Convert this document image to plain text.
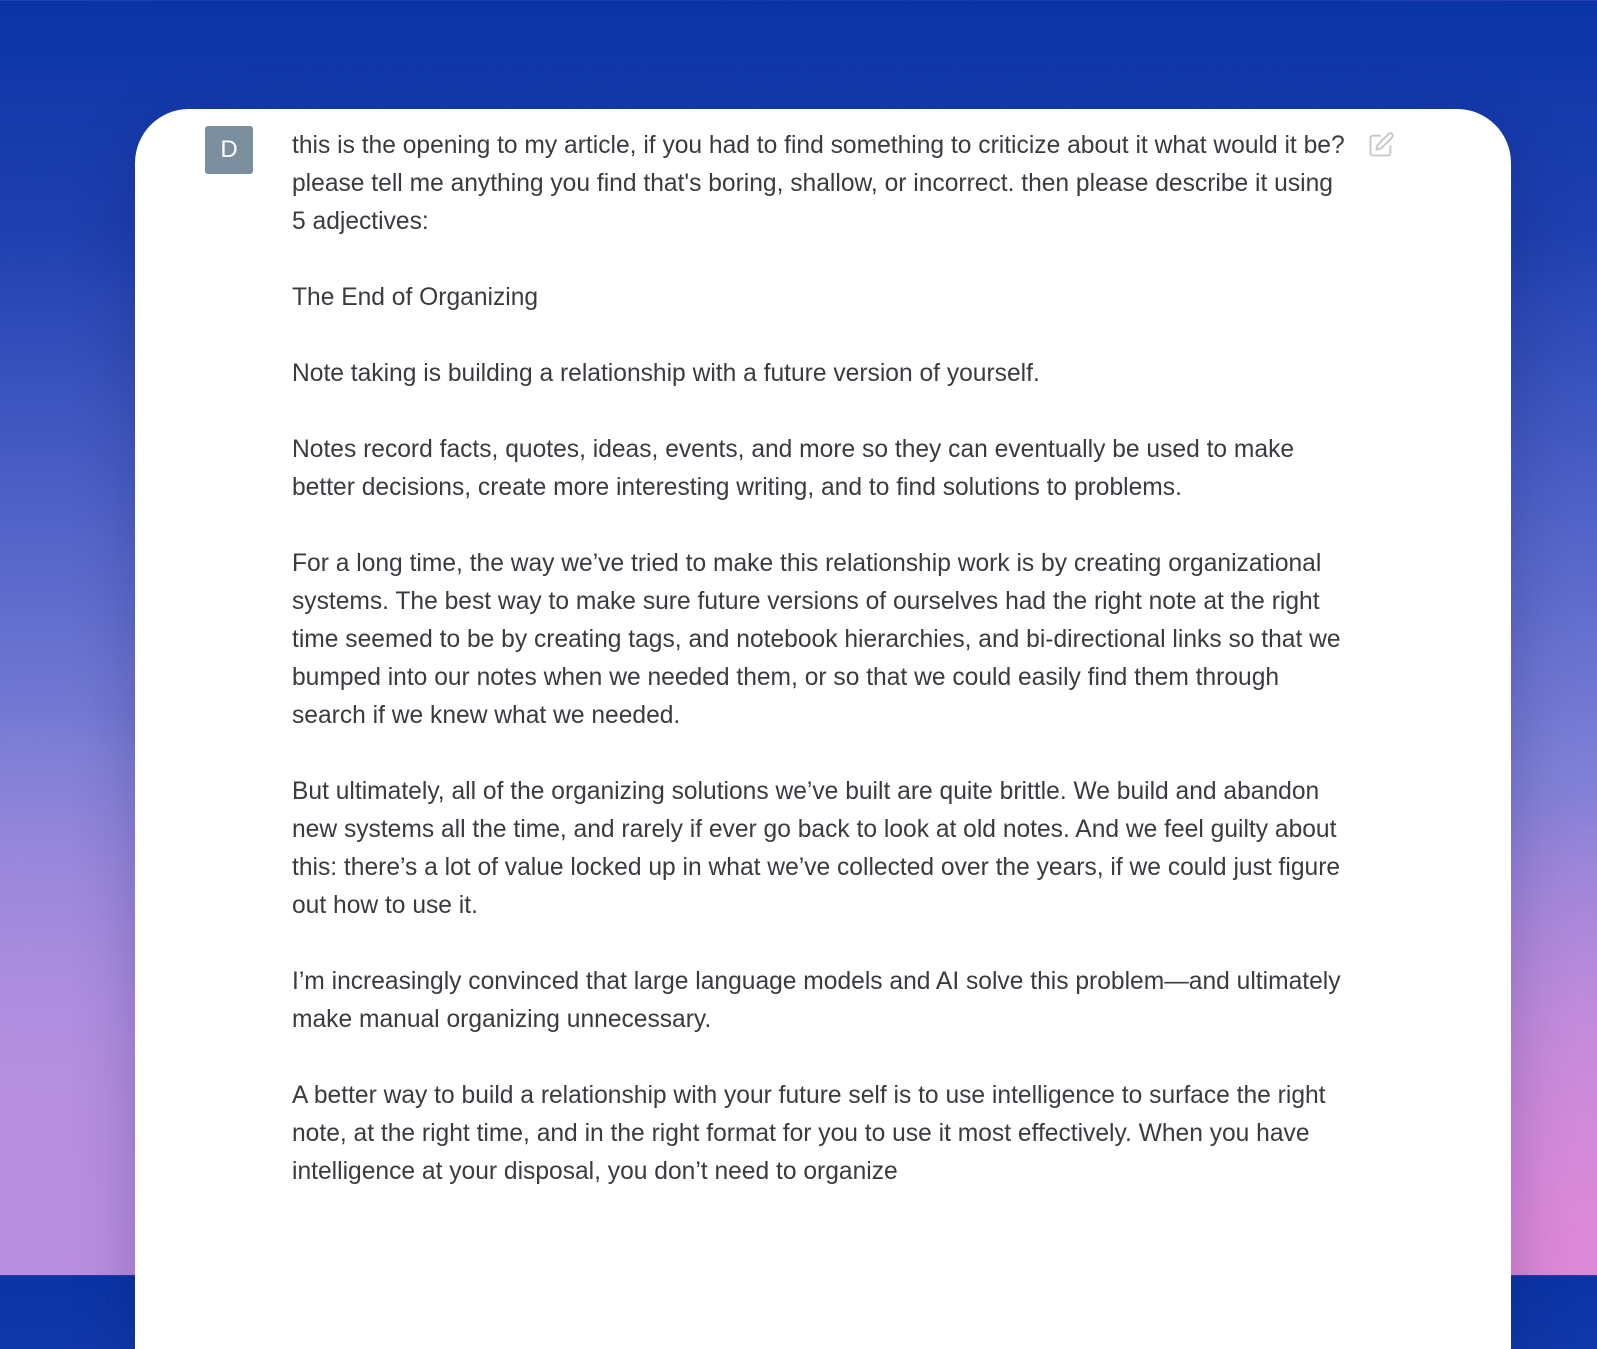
D	this is the opening to my article, if you had to find something to criticize about it what would it be? please tell me anything you find that's boring, shallow, or incorrect. then please describe it using 5 adjectives:

The End of Organizing

Note taking is building a relationship with a future version of yourself.

Notes record facts, quotes, ideas, events, and more so they can eventually be used to make better decisions, create more interesting writing, and to find solutions to problems.

For a long time, the way we’ve tried to make this relationship work is by creating organizational systems. The best way to make sure future versions of ourselves had the right note at the right time seemed to be by creating tags, and notebook hierarchies, and bi-directional links so that we bumped into our notes when we needed them, or so that we could easily find them through search if we knew what we needed.

But ultimately, all of the organizing solutions we’ve built are quite brittle. We build and abandon new systems all the time, and rarely if ever go back to look at old notes. And we feel guilty about this: there’s a lot of value locked up in what we’ve collected over the years, if we could just figure out how to use it.

I’m increasingly convinced that large language models and AI solve this problem—and ultimately make manual organizing unnecessary.

A better way to build a relationship with your future self is to use intelligence to surface the right note, at the right time, and in the right format for you to use it most effectively. When you have intelligence at your disposal, you don’t need to organize
